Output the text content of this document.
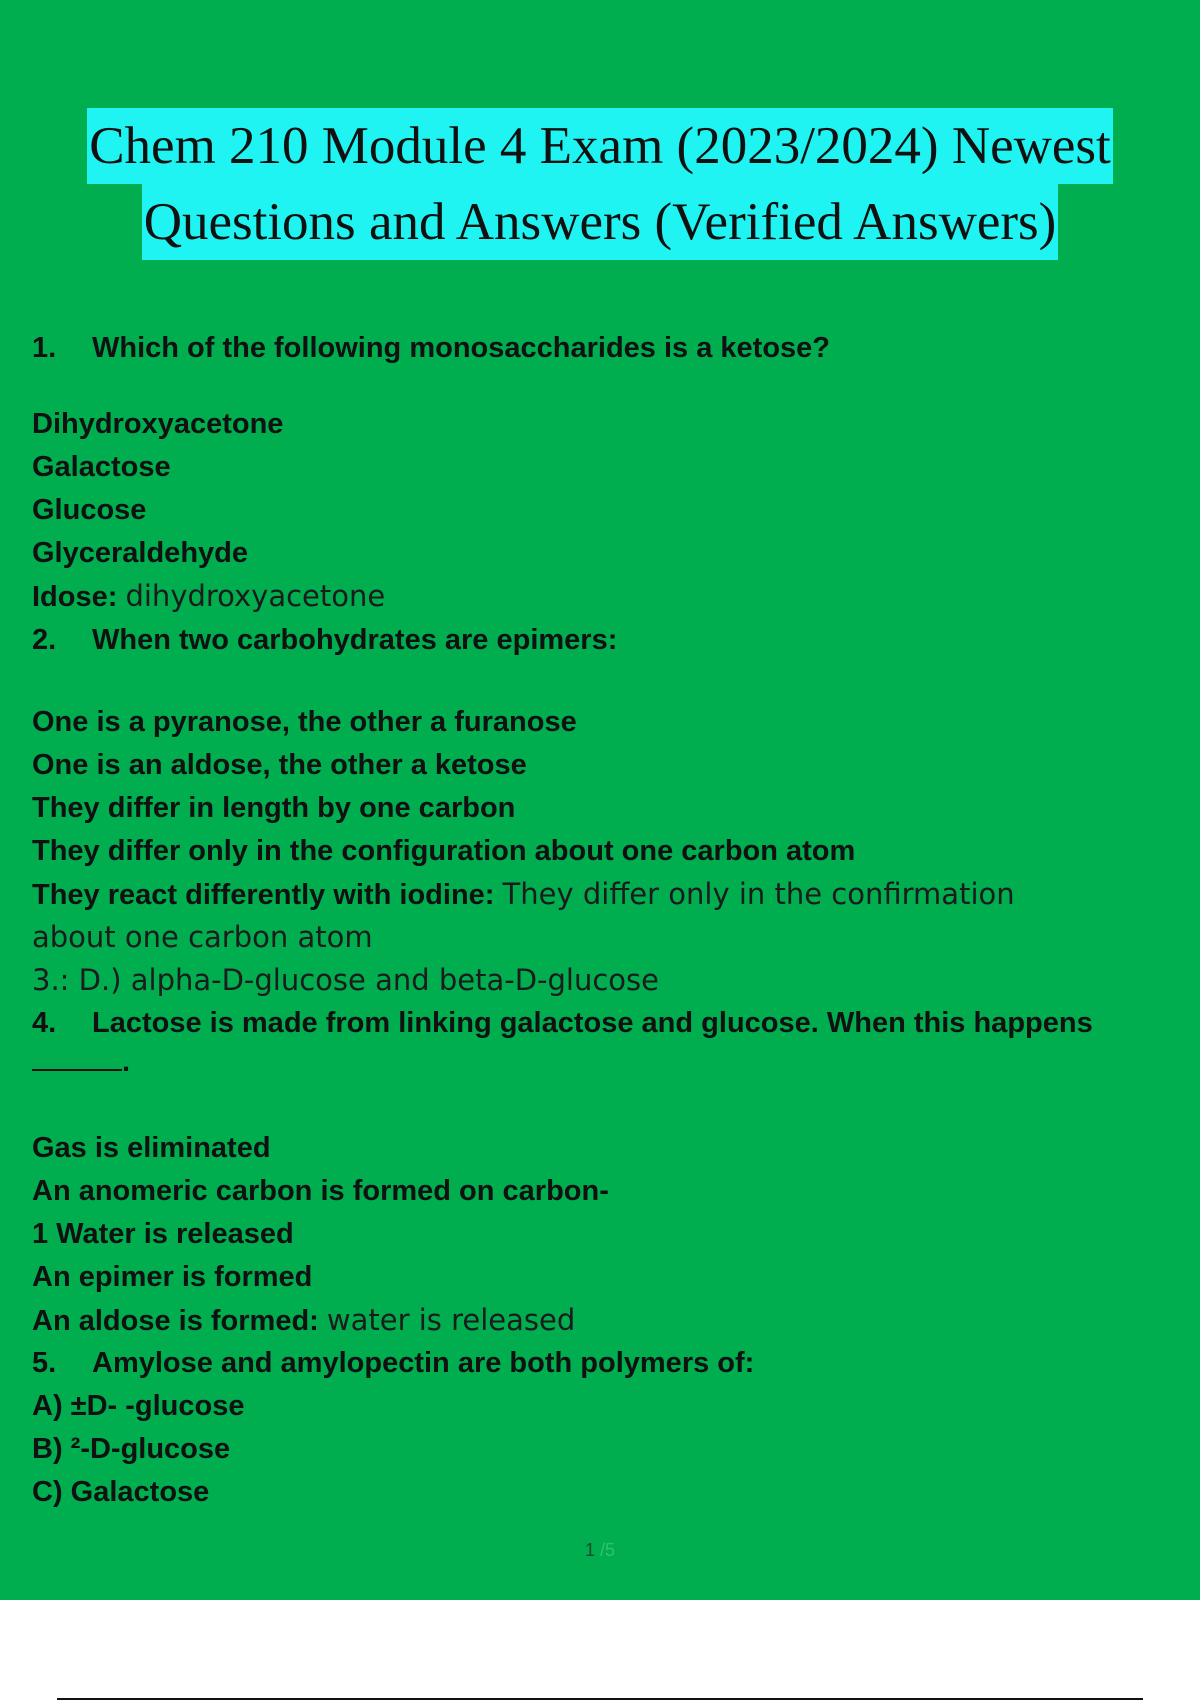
Chem 210 Module 4 Exam (2023/2024) Newest
Questions and Answers (Verified Answers)
1. Which of the following monosaccharides is a ketose?
Dihydroxyacetone
Galactose
Glucose
Glyceraldehyde
Idose: dihydroxyacetone
2. When two carbohydrates are epimers:
One is a pyranose, the other a furanose
One is an aldose, the other a ketose
They differ in length by one carbon
They differ only in the configuration about one carbon atom
They react differently with iodine: They differ only in the confirmation
about one carbon atom
3.: D.) alpha-D-glucose and beta-D-glucose
4. Lactose is made from linking galactose and glucose. When this happens
.
Gas is eliminated
An anomeric carbon is formed on carbon-
1 Water is released
An epimer is formed
An aldose is formed: water is released
5. Amylose and amylopectin are both polymers of:
A) ±D- -glucose
B) ²-D-glucose
C) Galactose
1 /5
